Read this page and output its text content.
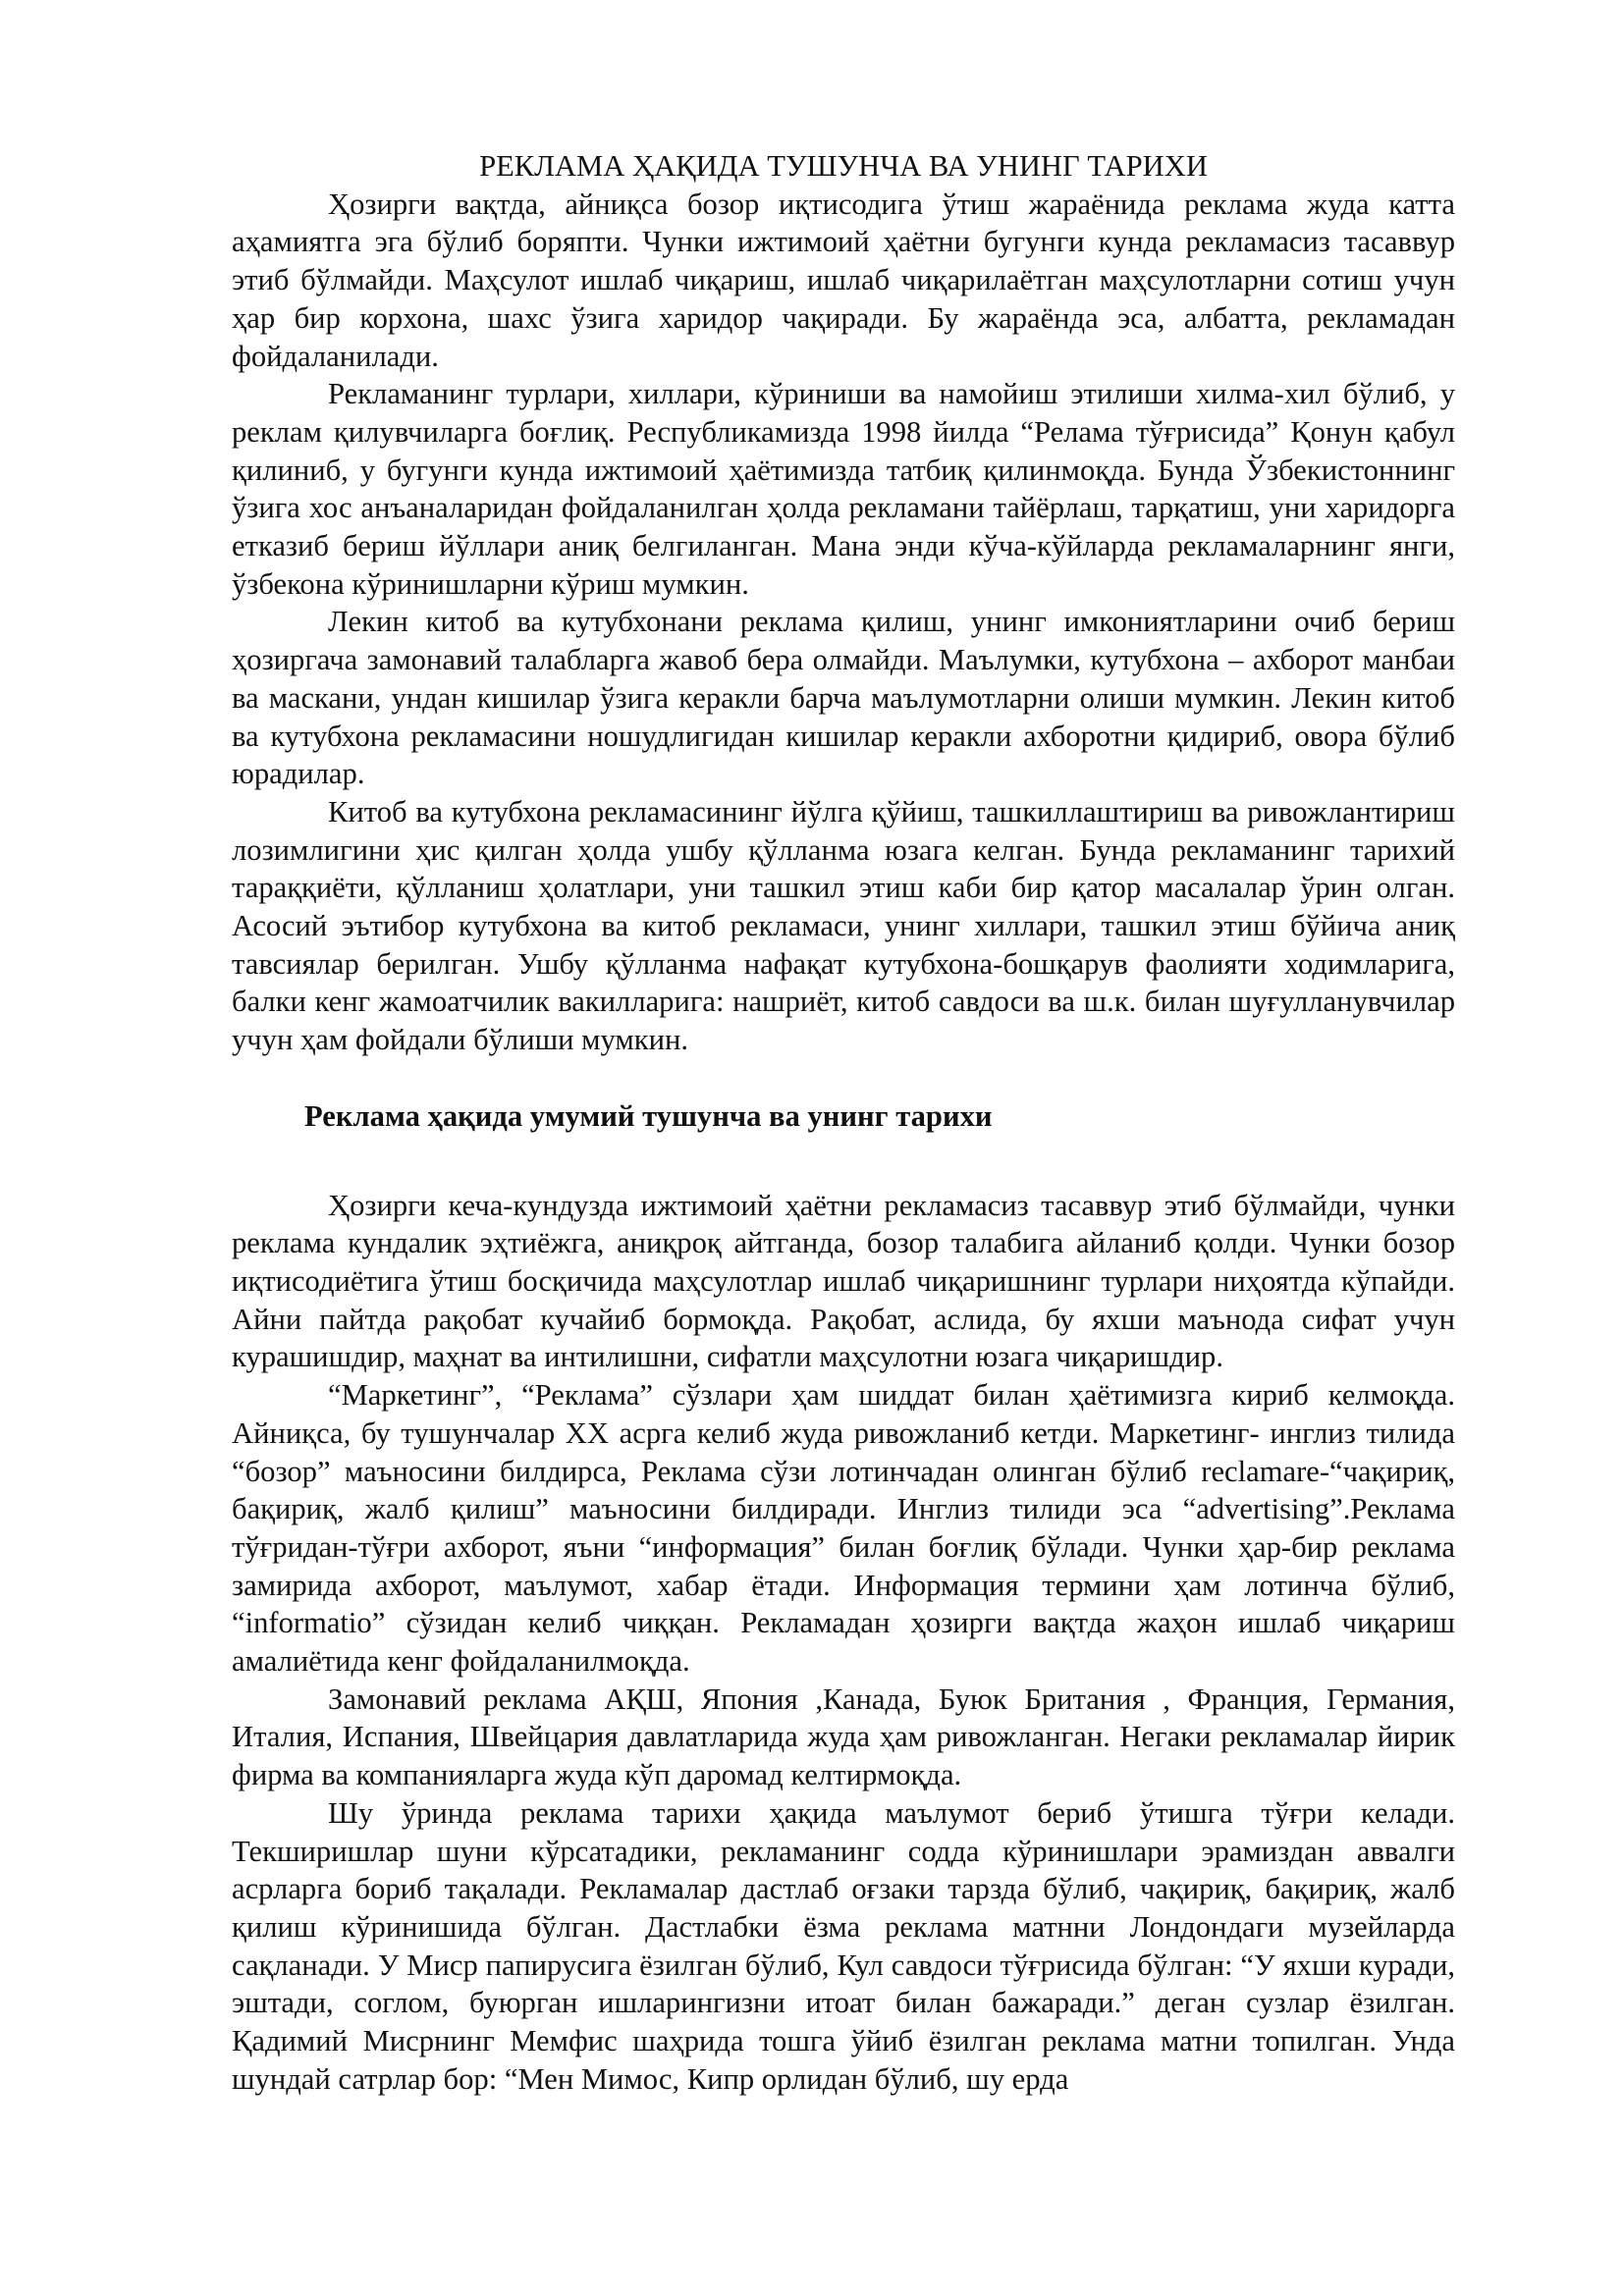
РЕКЛАМА ҲАҚИДА ТУШУНЧА ВА УНИНГ ТАРИХИ

Ҳозирги вақтда, айниқса бозор иқтисодига ўтиш жараёнида реклама жуда катта аҳамиятга эга бўлиб боряпти. Чунки ижтимоий ҳаётни бугунги кунда рекламасиз тасаввур этиб бўлмайди. Маҳсулот ишлаб чиқариш, ишлаб чиқарилаётган маҳсулотларни сотиш учун ҳар бир корхона, шахс ўзига харидор чақиради. Бу жараёнда эса, албатта, рекламадан фойдаланилади.

Рекламанинг турлари, хиллари, кўриниши ва намойиш этилиши хилма-хил бўлиб, у реклам қилувчиларга боғлиқ. Республикамизда 1998 йилда “Релама тўғрисида” Қонун қабул қилиниб, у бугунги кунда ижтимоий ҳаётимизда татбиқ қилинмоқда. Бунда Ўзбекистоннинг ўзига хос анъаналаридан фойдаланилган ҳолда рекламани тайёрлаш, тарқатиш, уни харидорга етказиб бериш йўллари аниқ белгиланган. Мана энди кўча-кўйларда рекламаларнинг янги, ўзбекона кўринишларни кўриш мумкин.

Лекин китоб ва кутубхонани реклама қилиш, унинг имкониятларини очиб бериш ҳозиргача замонавий талабларга жавоб бера олмайди. Маълумки, кутубхона – ахборот манбаи ва маскани, ундан кишилар ўзига керакли барча маълумотларни олиши мумкин. Лекин китоб ва кутубхона рекламасини ношудлигидан кишилар керакли ахборотни қидириб, овора бўлиб юрадилар.

Китоб ва кутубхона рекламасининг йўлга қўйиш, ташкиллаштириш ва ривожлантириш лозимлигини ҳис қилган ҳолда ушбу қўлланма юзага келган. Бунда рекламанинг тарихий тараққиёти, қўлланиш ҳолатлари, уни ташкил этиш каби бир қатор масалалар ўрин олган. Асосий эътибор кутубхона ва китоб рекламаси, унинг хиллари, ташкил этиш бўйича аниқ тавсиялар берилган. Ушбу қўлланма нафақат кутубхона-бошқарув фаолияти ходимларига, балки кенг жамоатчилик вакилларига: нашриёт, китоб савдоси ва ш.к. билан шуғулланувчилар учун ҳам фойдали бўлиши мумкин.

Реклама ҳақида умумий тушунча ва унинг тарихи

Ҳозирги кеча-кундузда ижтимоий ҳаётни рекламасиз тасаввур этиб бўлмайди, чунки реклама кундалик эҳтиёжга, аниқроқ айтганда, бозор талабига айланиб қолди. Чунки бозор иқтисодиётига ўтиш босқичида маҳсулотлар ишлаб чиқаришнинг турлари ниҳоятда кўпайди. Айни пайтда рақобат кучайиб бормоқда. Рақобат, аслида, бу яхши маънода сифат учун курашишдир, маҳнат ва интилишни, сифатли маҳсулотни юзага чиқаришдир.

“Маркетинг”, “Реклама” сўзлари ҳам шиддат билан ҳаётимизга кириб келмоқда. Айниқса, бу тушунчалар ХХ асрга келиб жуда ривожланиб кетди. Маркетинг- инглиз тилида “бозор” маъносини билдирса, Реклама сўзи лотинчадан олинган бўлиб reclamare-“чақириқ, бақириқ, жалб қилиш” маъносини билдиради. Инглиз тилиди эса “advertising”.Реклама тўғридан-тўғри ахборот, яъни “информация” билан боғлиқ бўлади. Чунки ҳар-бир реклама замирида ахборот, маълумот, хабар ётади. Информация термини ҳам лотинча бўлиб, “informatio” сўзидан келиб чиққан. Рекламадан ҳозирги вақтда жаҳон ишлаб чиқариш амалиётида кенг фойдаланилмоқда.

Замонавий реклама АҚШ, Япония ,Канада, Буюк Британия , Франция, Германия, Италия, Испания, Швейцария давлатларида жуда ҳам ривожланган. Негаки рекламалар йирик фирма ва компанияларга жуда кўп даромад келтирмоқда.

Шу ўринда реклама тарихи ҳақида маълумот бериб ўтишга тўғри келади. Текширишлар шуни кўрсатадики, рекламанинг содда кўринишлари эрамиздан аввалги асрларга бориб тақалади. Рекламалар дастлаб оғзаки тарзда бўлиб, чақириқ, бақириқ, жалб қилиш кўринишида бўлган. Дастлабки ёзма реклама матнни Лондондаги музейларда сақланади. У Миср папирусига ёзилган бўлиб, Кул савдоси тўғрисида бўлган: “У яхши куради, эштади, соглом, буюрган ишларингизни итоат билан бажаради.” деган сузлар ёзилган. Қадимий Мисрнинг Мемфис шаҳрида тошга ўйиб ёзилган реклама матни топилган. Унда шундай сатрлар бор: “Мен Мимос, Кипр орлидан бўлиб, шу ерда
